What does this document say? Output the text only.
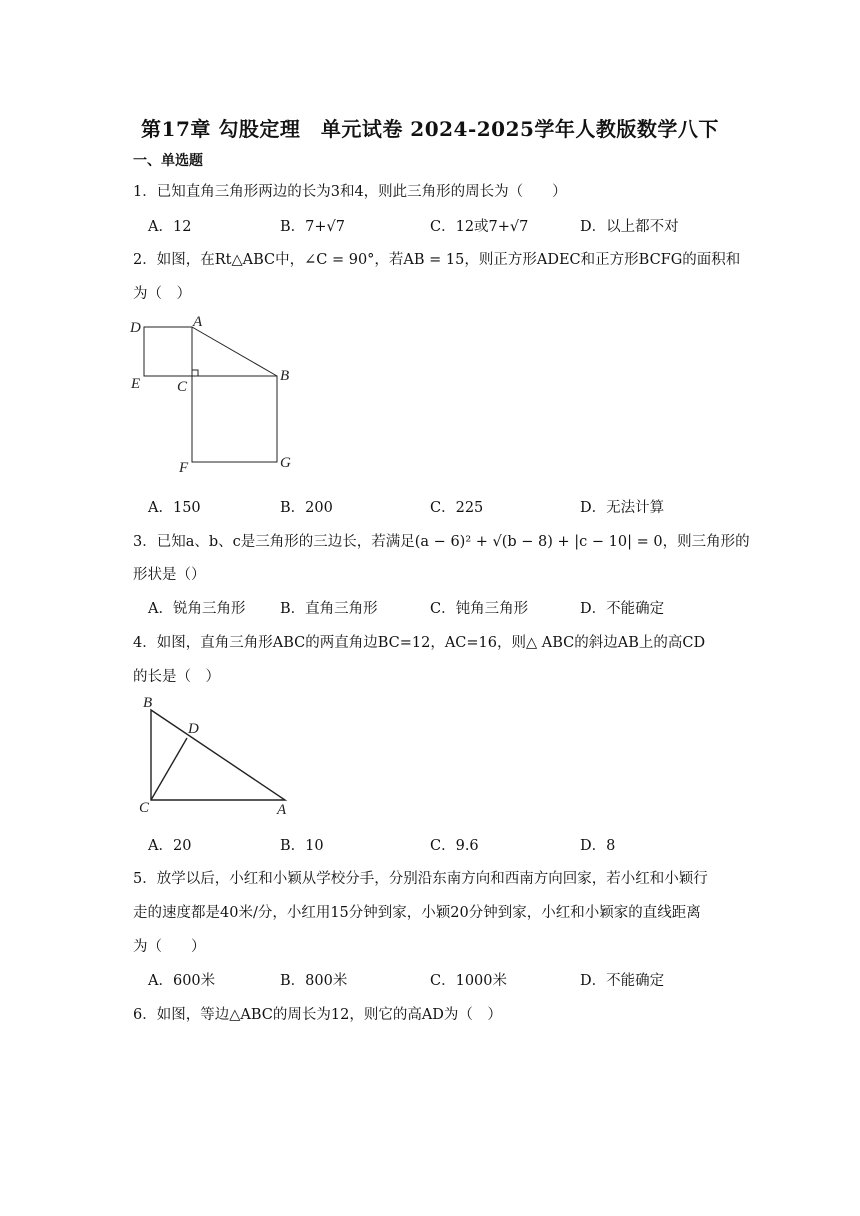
第17章 勾股定理　单元试卷 2024-2025学年人教版数学八下
一、单选题
1．已知直角三角形两边的长为3和4，则此三角形的周长为（　　）
A．12	B．7+√7	C．12或7+√7	D．以上都不对
2．如图，在Rt△ABC中，∠C = 90°，若AB = 15，则正方形ADEC和正方形BCFG的面积和
为（　）
D	A
E C
B
F	G
A．150	B．200	C．225	D．无法计算
3．已知a、b、c是三角形的三边长，若满足(a − 6)² + √(b − 8) + |c − 10| = 0，则三角形的
形状是（）
A．锐角三角形 B．直角三角形	C．钝角三角形	D．不能确定
4．如图，直角三角形ABC的两直角边BC=12，AC=16，则△ ABC的斜边AB上的高CD
的长是（　）
B
D
C	A
A．20	B．10	C．9.6	D．8
5．放学以后，小红和小颖从学校分手，分别沿东南方向和西南方向回家，若小红和小颖行
走的速度都是40米/分，小红用15分钟到家，小颖20分钟到家，小红和小颖家的直线距离
为（　　）
A．600米	B．800米	C．1000米	D．不能确定
6．如图，等边△ABC的周长为12，则它的高AD为（　）
